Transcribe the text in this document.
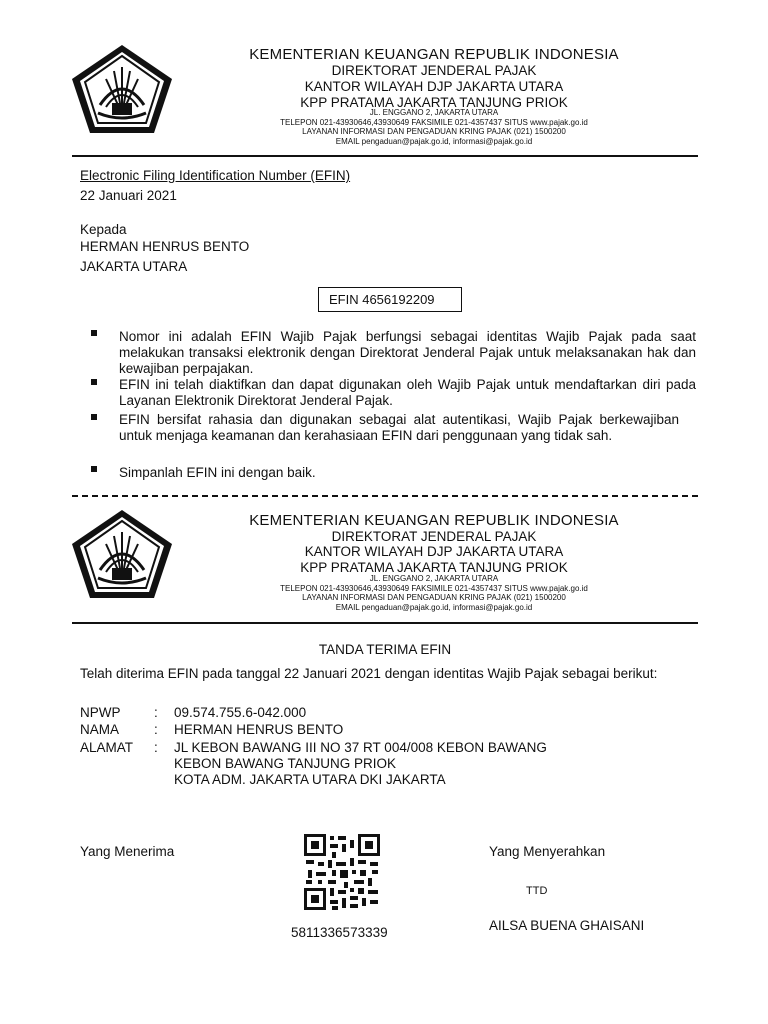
KEMENTERIAN KEUANGAN REPUBLIK INDONESIA
DIREKTORAT JENDERAL PAJAK
KANTOR WILAYAH DJP JAKARTA UTARA
KPP PRATAMA JAKARTA TANJUNG PRIOK
JL. ENGGANO 2, JAKARTA UTARA
TELEPON 021-43930646,43930649 FAKSIMILE 021-4357437 SITUS www.pajak.go.id
LAYANAN INFORMASI DAN PENGADUAN KRING PAJAK (021) 1500200
EMAIL pengaduan@pajak.go.id, informasi@pajak.go.id
Electronic Filing Identification Number (EFIN)
22 Januari 2021
Kepada
HERMAN HENRUS BENTO
JAKARTA UTARA
EFIN 4656192209
Nomor ini adalah EFIN Wajib Pajak berfungsi sebagai identitas Wajib Pajak pada saat melakukan transaksi elektronik dengan Direktorat Jenderal Pajak untuk melaksanakan hak dan kewajiban perpajakan.
EFIN ini telah diaktifkan dan dapat digunakan oleh Wajib Pajak untuk mendaftarkan diri pada Layanan Elektronik Direktorat Jenderal Pajak.
EFIN bersifat rahasia dan digunakan sebagai alat autentikasi, Wajib Pajak berkewajiban untuk menjaga keamanan dan kerahasiaan EFIN dari penggunaan yang tidak sah.
Simpanlah EFIN ini dengan baik.
KEMENTERIAN KEUANGAN REPUBLIK INDONESIA
DIREKTORAT JENDERAL PAJAK
KANTOR WILAYAH DJP JAKARTA UTARA
KPP PRATAMA JAKARTA TANJUNG PRIOK
JL. ENGGANO 2, JAKARTA UTARA
TELEPON 021-43930646,43930649 FAKSIMILE 021-4357437 SITUS www.pajak.go.id
LAYANAN INFORMASI DAN PENGADUAN KRING PAJAK (021) 1500200
EMAIL pengaduan@pajak.go.id, informasi@pajak.go.id
TANDA TERIMA EFIN
Telah diterima EFIN pada tanggal 22 Januari 2021 dengan identitas Wajib Pajak sebagai berikut:
NPWP : 09.574.755.6-042.000
NAMA	: HERMAN HENRUS BENTO
ALAMAT : JL KEBON BAWANG III NO 37 RT 004/008 KEBON BAWANG
KEBON BAWANG TANJUNG PRIOK
KOTA ADM. JAKARTA UTARA DKI JAKARTA
Yang Menerima	Yang Menyerahkan
TTD
AILSA BUENA GHAISANI
5811336573339
